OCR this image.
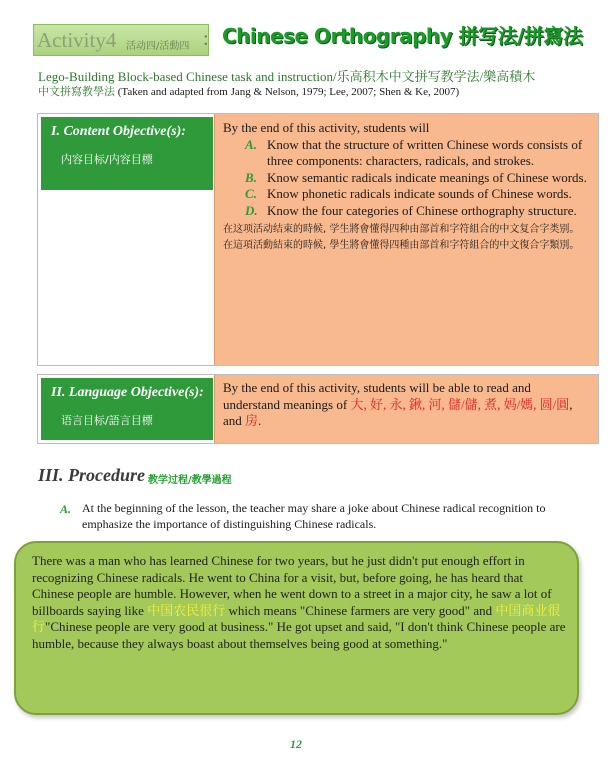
Activity4 活动四/活動四 : Chinese Orthography 拼写法/拼寫法
Lego-Building Block-based Chinese task and instruction/乐高积木中文拼写教学法/樂高積木
中文拼寫教學法 (Taken and adapted from Jang & Nelson, 1979; Lee, 2007; Shen & Ke, 2007)
I. Content Objective(s):
内容目标/内容目標
By the end of this activity, students will
A. Know that the structure of written Chinese words consists of three components: characters, radicals, and strokes.
B. Know semantic radicals indicate meanings of Chinese words.
C. Know phonetic radicals indicate sounds of Chinese words.
D. Know the four categories of Chinese orthography structure.
在这项活动结束的時候, 学生將會懂得四种由部首和字符組合的中文复合字类别。
在這項活動結束的時候, 學生將會懂得四種由部首和字符組合的中文復合字類別。
II. Language Objective(s):
语言目标/語言目標
By the end of this activity, students will be able to read and understand meanings of 大, 好, 永, 鍬, 河, 儲/儲, 煮, 妈/媽, 圆/圓, and 房.
III. Procedure 教学过程/教學過程
A. At the beginning of the lesson, the teacher may share a joke about Chinese radical recognition to emphasize the importance of distinguishing Chinese radicals.
There was a man who has learned Chinese for two years, but he just didn't put enough effort in recognizing Chinese radicals. He went to China for a visit, but, before going, he has heard that Chinese people are humble. However, when he went down to a street in a major city, he saw a lot of billboards saying like 中国农民很行 which means "Chinese farmers are very good" and 中国商业很行"Chinese people are very good at business." He got upset and said, "I don't think Chinese people are humble, because they always boast about themselves being good at something."
12
